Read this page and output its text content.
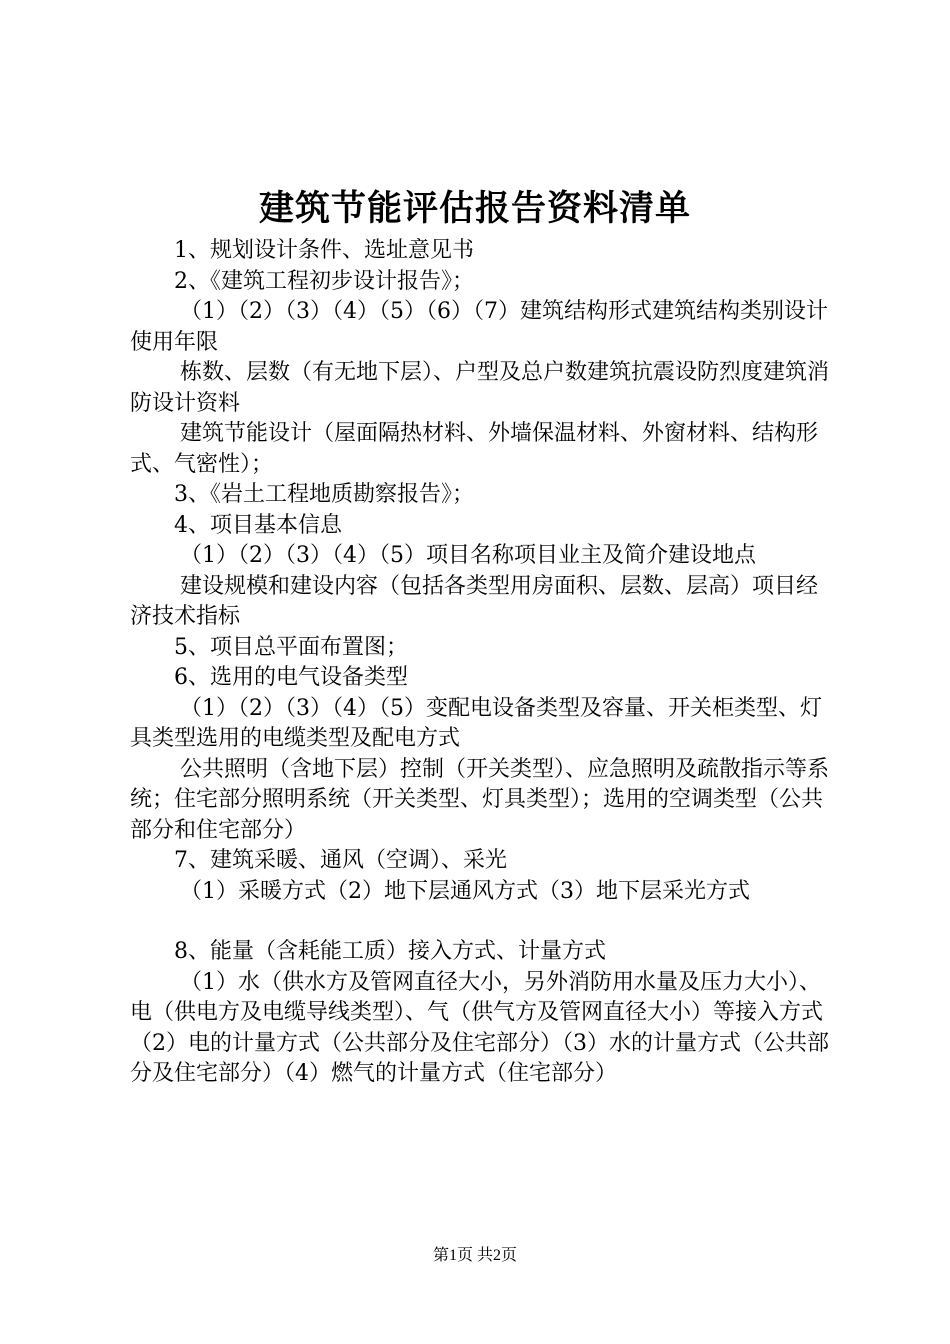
建筑节能评估报告资料清单

1、规划设计条件、选址意见书

2、《建筑工程初步设计报告》；

（1）（2）（3）（4）（5）（6）（7）建筑结构形式建筑结构类别设计使用年限

栋数、层数（有无地下层）、户型及总户数建筑抗震设防烈度建筑消防设计资料

建筑节能设计（屋面隔热材料、外墙保温材料、外窗材料、结构形式、气密性）；

3、《岩土工程地质勘察报告》；

4、项目基本信息

（1）（2）（3）（4）（5）项目名称项目业主及简介建设地点

建设规模和建设内容（包括各类型用房面积、层数、层高）项目经济技术指标

5、项目总平面布置图；

6、选用的电气设备类型

（1）（2）（3）（4）（5）变配电设备类型及容量、开关柜类型、灯具类型选用的电缆类型及配电方式

公共照明（含地下层）控制（开关类型）、应急照明及疏散指示等系统；住宅部分照明系统（开关类型、灯具类型）；选用的空调类型（公共部分和住宅部分）

7、建筑采暖、通风（空调）、采光

（1）采暖方式（2）地下层通风方式（3）地下层采光方式

8、能量（含耗能工质）接入方式、计量方式

（1）水（供水方及管网直径大小，另外消防用水量及压力大小）、电（供电方及电缆导线类型）、气（供气方及管网直径大小）等接入方式（2）电的计量方式（公共部分及住宅部分）（3）水的计量方式（公共部分及住宅部分）（4）燃气的计量方式（住宅部分）

第1页 共2页
